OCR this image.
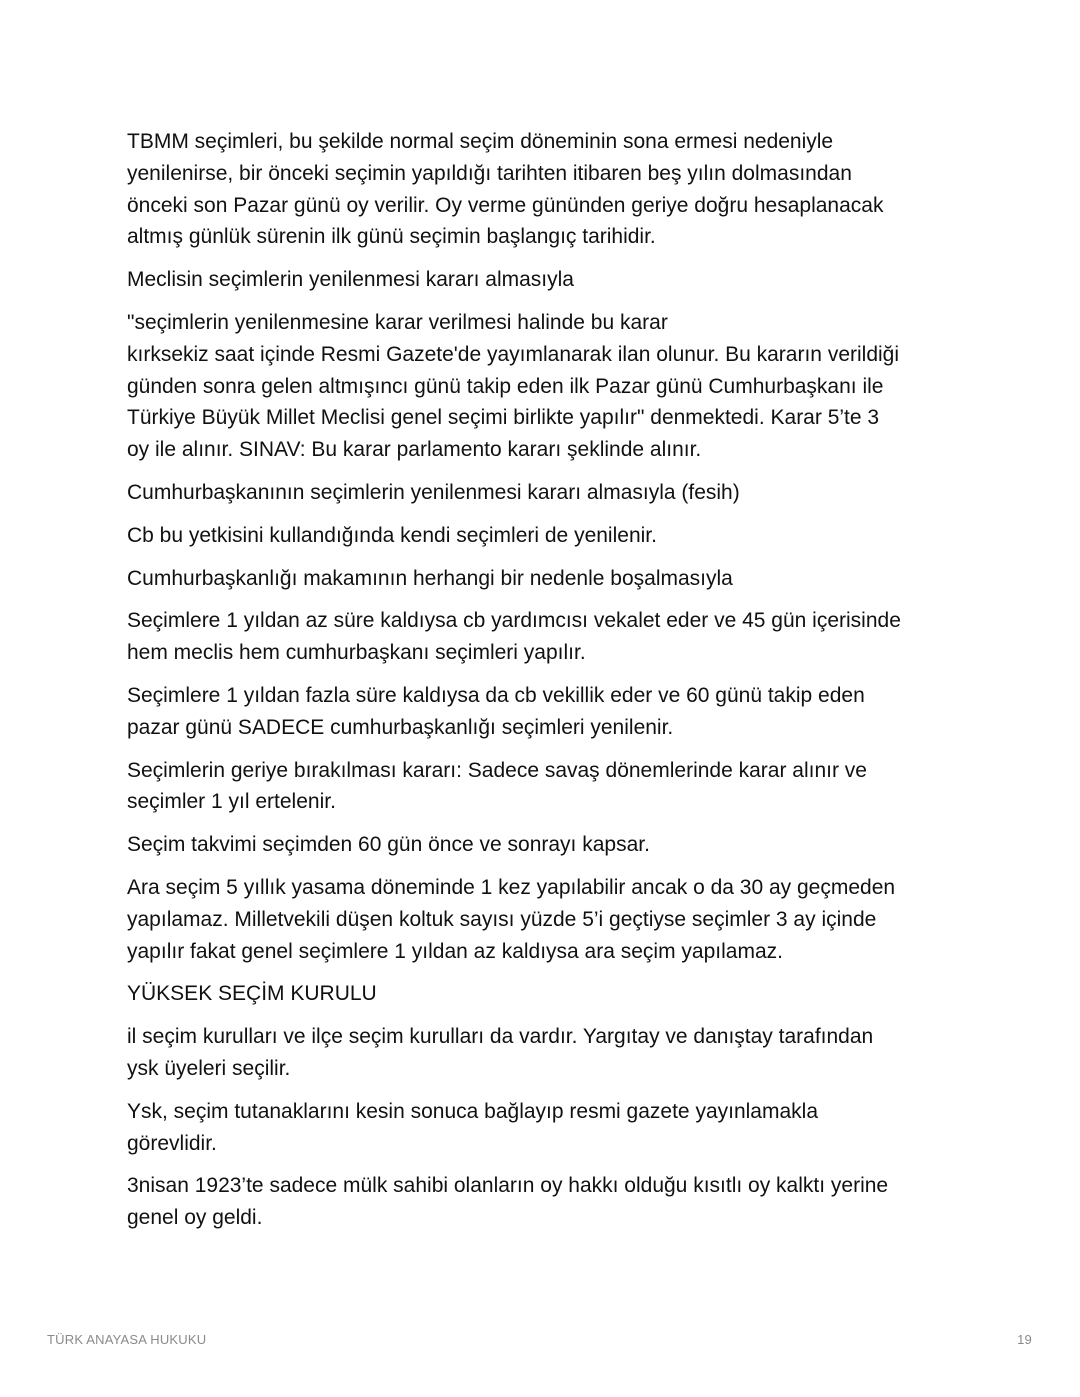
TBMM seçimleri, bu şekilde normal seçim döneminin sona ermesi nedeniyle
yenilenirse, bir önceki seçimin yapıldığı tarihten itibaren beş yılın dolmasından
önceki son Pazar günü oy verilir. Oy verme gününden geriye doğru hesaplanacak
altmış günlük sürenin ilk günü seçimin başlangıç tarihidir.

Meclisin seçimlerin yenilenmesi kararı almasıyla

"seçimlerin yenilenmesine karar verilmesi halinde bu karar
kırksekiz saat içinde Resmi Gazete'de yayımlanarak ilan olunur. Bu kararın verildiği
günden sonra gelen altmışıncı günü takip eden ilk Pazar günü Cumhurbaşkanı ile
Türkiye Büyük Millet Meclisi genel seçimi birlikte yapılır" denmektedi. Karar 5’te 3
oy ile alınır. SINAV: Bu karar parlamento kararı şeklinde alınır.

Cumhurbaşkanının seçimlerin yenilenmesi kararı almasıyla (fesih)

Cb bu yetkisini kullandığında kendi seçimleri de yenilenir.

Cumhurbaşkanlığı makamının herhangi bir nedenle boşalmasıyla

Seçimlere 1 yıldan az süre kaldıysa cb yardımcısı vekalet eder ve 45 gün içerisinde
hem meclis hem cumhurbaşkanı seçimleri yapılır.

Seçimlere 1 yıldan fazla süre kaldıysa da cb vekillik eder ve 60 günü takip eden
pazar günü SADECE cumhurbaşkanlığı seçimleri yenilenir.

Seçimlerin geriye bırakılması kararı: Sadece savaş dönemlerinde karar alınır ve
seçimler 1 yıl ertelenir.

Seçim takvimi seçimden 60 gün önce ve sonrayı kapsar.

Ara seçim 5 yıllık yasama döneminde 1 kez yapılabilir ancak o da 30 ay geçmeden
yapılamaz. Milletvekili düşen koltuk sayısı yüzde 5’i geçtiyse seçimler 3 ay içinde
yapılır fakat genel seçimlere 1 yıldan az kaldıysa ara seçim yapılamaz.

YÜKSEK SEÇİM KURULU

il seçim kurulları ve ilçe seçim kurulları da vardır. Yargıtay ve danıştay tarafından
ysk üyeleri seçilir.

Ysk, seçim tutanaklarını kesin sonuca bağlayıp resmi gazete yayınlamakla
görevlidir.

3nisan 1923’te sadece mülk sahibi olanların oy hakkı olduğu kısıtlı oy kalktı yerine
genel oy geldi.

TÜRK ANAYASA HUKUKU	19
